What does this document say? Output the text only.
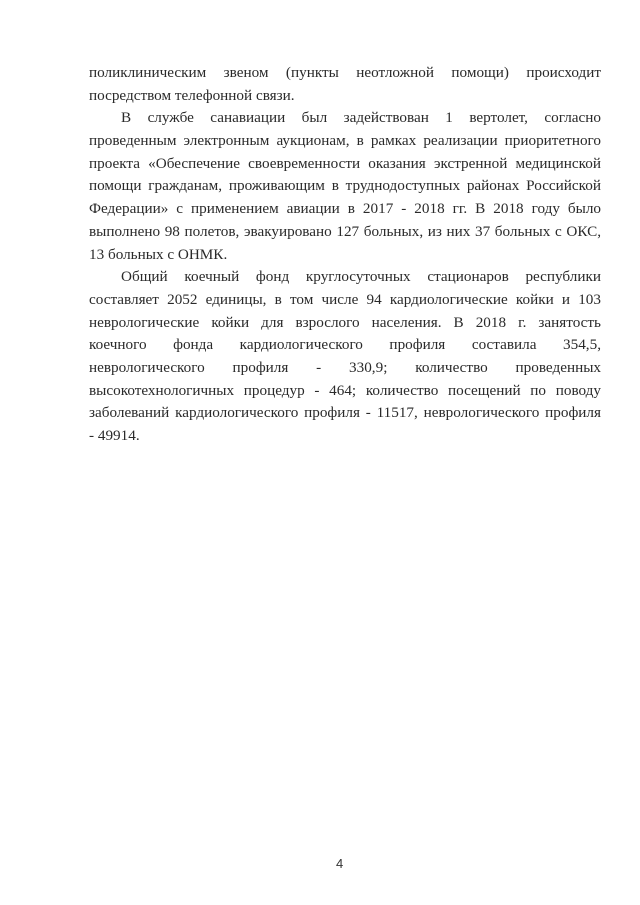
поликлиническим звеном (пункты неотложной помощи) происходит
посредством телефонной связи.
В службе санавиации был задействован 1 вертолет, согласно
проведенным электронным аукционам, в рамках реализации приоритетного
проекта «Обеспечение своевременности оказания экстренной медицинской
помощи гражданам, проживающим в труднодоступных районах Российской
Федерации» с применением авиации в 2017 - 2018 гг. В 2018 году было
выполнено 98 полетов, эвакуировано 127 больных, из них 37 больных с ОКС,
13 больных с ОНМК.
Общий коечный фонд круглосуточных стационаров республики
составляет 2052 единицы, в том числе 94 кардиологические койки и 103
неврологические койки для взрослого населения. В 2018 г. занятость
коечного фонда кардиологического профиля составила 354,5,
неврологического профиля - 330,9; количество проведенных
высокотехнологичных процедур - 464; количество посещений по поводу
заболеваний кардиологического профиля - 11517, неврологического профиля
- 49914.
4
